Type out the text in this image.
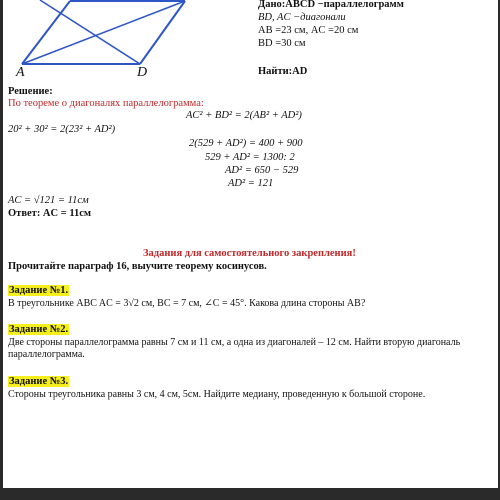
A	D
Дано:ABCD −параллелограмм
BD, AC −диагонали
AB =23 см, AC =20 см
BD =30 см
Найти:AD
Решение:
По теореме о диагоналях параллелограмма:
AC² + BD² = 2(AB² + AD²)
20² + 30² = 2(23² + AD²)
2(529 + AD²) = 400 + 900
529 + AD² = 1300: 2
AD² = 650 − 529
AD² = 121
AC = √121 = 11см
Ответ: AC = 11см
Задания для самостоятельного закрепления!
Прочитайте параграф 16, выучите теорему косинусов.
Задание №1.
В треугольнике ABC AC = 3√2 см, BC = 7 см, ∠C = 45°. Какова длина стороны AB?
Задание №2.
Две стороны параллелограмма равны 7 см и 11 см, а одна из диагоналей – 12 см. Найти вторую диагональ параллелограмма.
Задание №3.
Стороны треугольника равны 3 см, 4 см, 5см. Найдите медиану, проведенную к большой стороне.
